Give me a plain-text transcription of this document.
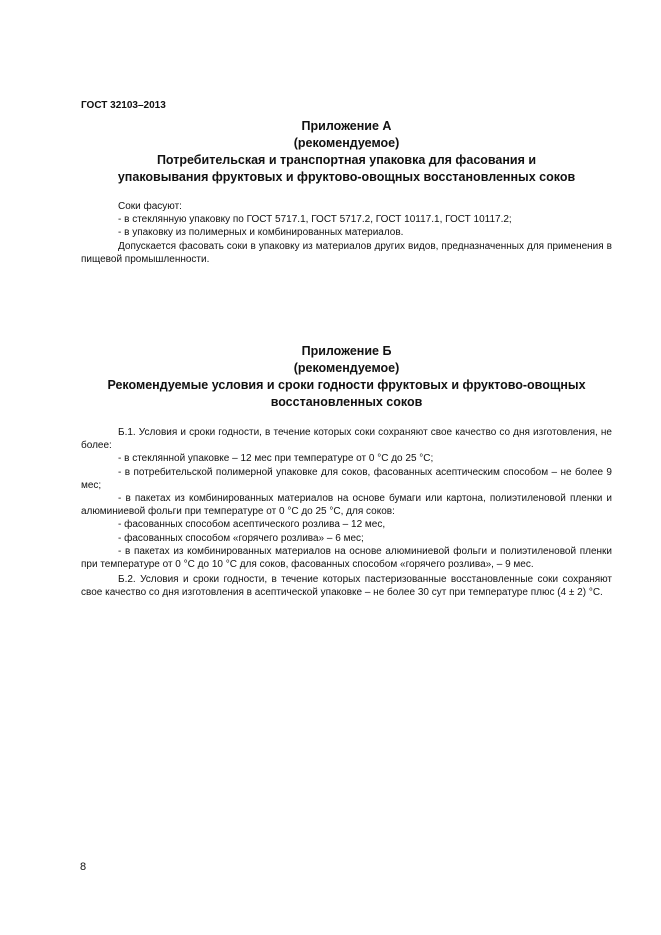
ГОСТ 32103–2013
Приложение А
(рекомендуемое)
Потребительская и транспортная упаковка для фасования и
упаковывания фруктовых и фруктово-овощных восстановленных соков

Соки фасуют:

- в стеклянную упаковку по ГОСТ 5717.1, ГОСТ 5717.2, ГОСТ 10117.1, ГОСТ 10117.2;

- в упаковку из полимерных и комбинированных материалов.

Допускается фасовать соки в упаковку из материалов других видов, предназначенных для применения в пищевой промышленности.

Приложение Б
(рекомендуемое)
Рекомендуемые условия и сроки годности фруктовых и фруктово-овощных
восстановленных соков

Б.1. Условия и сроки годности, в течение которых соки сохраняют свое качество со дня изготовления, не более:

- в стеклянной упаковке – 12 мес при температуре от 0 °С до 25 °С;

- в потребительской полимерной упаковке для соков, фасованных асептическим способом – не более 9 мес;

- в пакетах из комбинированных материалов на основе бумаги или картона, полиэтиленовой пленки и алюминиевой фольги при температуре от 0 °С до 25 °С, для соков:

- фасованных способом асептического розлива – 12 мес,

- фасованных способом «горячего розлива» – 6 мес;

- в пакетах из комбинированных материалов на основе алюминиевой фольги и полиэтиленовой пленки при температуре от 0 °С до 10 °С для соков, фасованных способом «горячего розлива», – 9 мес.

Б.2. Условия и сроки годности, в течение которых пастеризованные восстановленные соки сохраняют свое качество со дня изготовления в асептической упаковке – не более 30 сут при температуре плюс (4 ± 2) °С.

8
